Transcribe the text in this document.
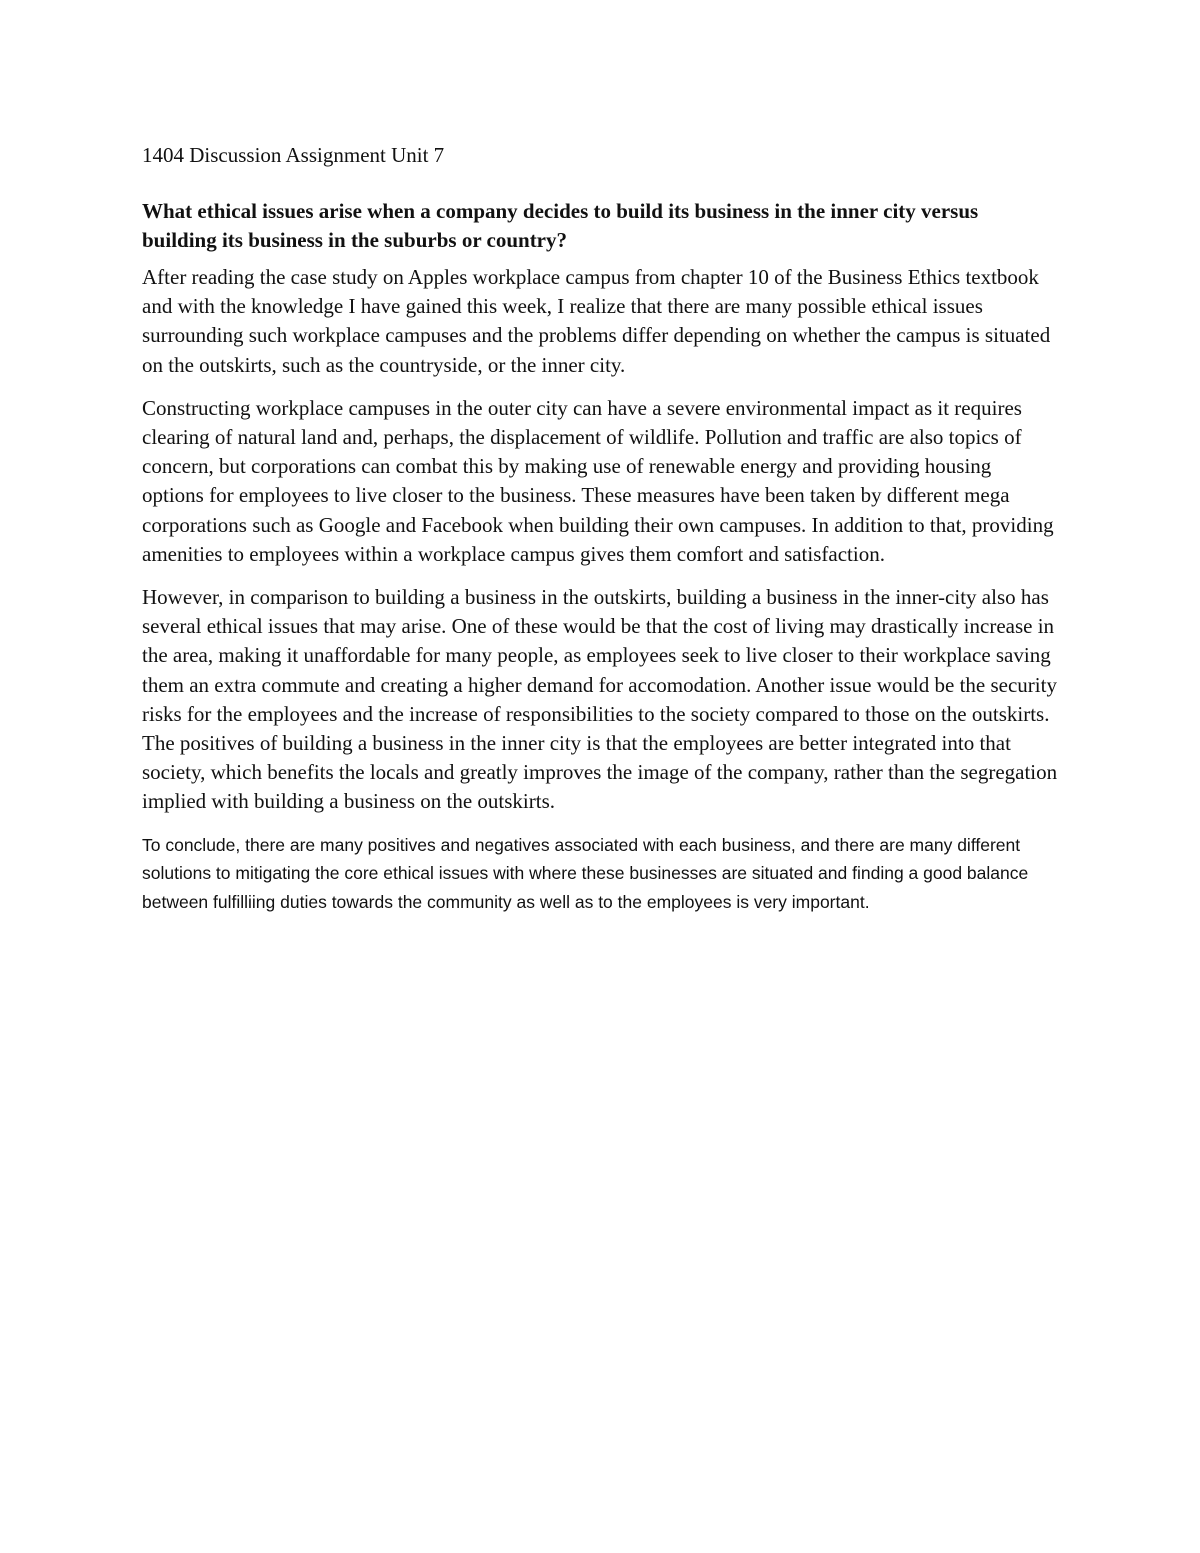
1404 Discussion Assignment Unit 7

What ethical issues arise when a company decides to build its business in the inner city versus building its business in the suburbs or country?

After reading the case study on Apples workplace campus from chapter 10 of the Business Ethics textbook and with the knowledge I have gained this week, I realize that there are many possible ethical issues surrounding such workplace campuses and the problems differ depending on whether the campus is situated on the outskirts, such as the countryside, or the inner city.

Constructing workplace campuses in the outer city can have a severe environmental impact as it requires clearing of natural land and, perhaps, the displacement of wildlife. Pollution and traffic are also topics of concern, but corporations can combat this by making use of renewable energy and providing housing options for employees to live closer to the business. These measures have been taken by different mega corporations such as Google and Facebook when building their own campuses. In addition to that, providing amenities to employees within a workplace campus gives them comfort and satisfaction.

However, in comparison to building a business in the outskirts, building a business in the inner-city also has several ethical issues that may arise. One of these would be that the cost of living may drastically increase in the area, making it unaffordable for many people, as employees seek to live closer to their workplace saving them an extra commute and creating a higher demand for accomodation. Another issue would be the security risks for the employees and the increase of responsibilities to the society compared to those on the outskirts. The positives of building a business in the inner city is that the employees are better integrated into that society, which benefits the locals and greatly improves the image of the company, rather than the segregation implied with building a business on the outskirts.

To conclude, there are many positives and negatives associated with each business, and there are many different solutions to mitigating the core ethical issues with where these businesses are situated and finding a good balance between fulfilliing duties towards the community as well as to the employees is very important.
